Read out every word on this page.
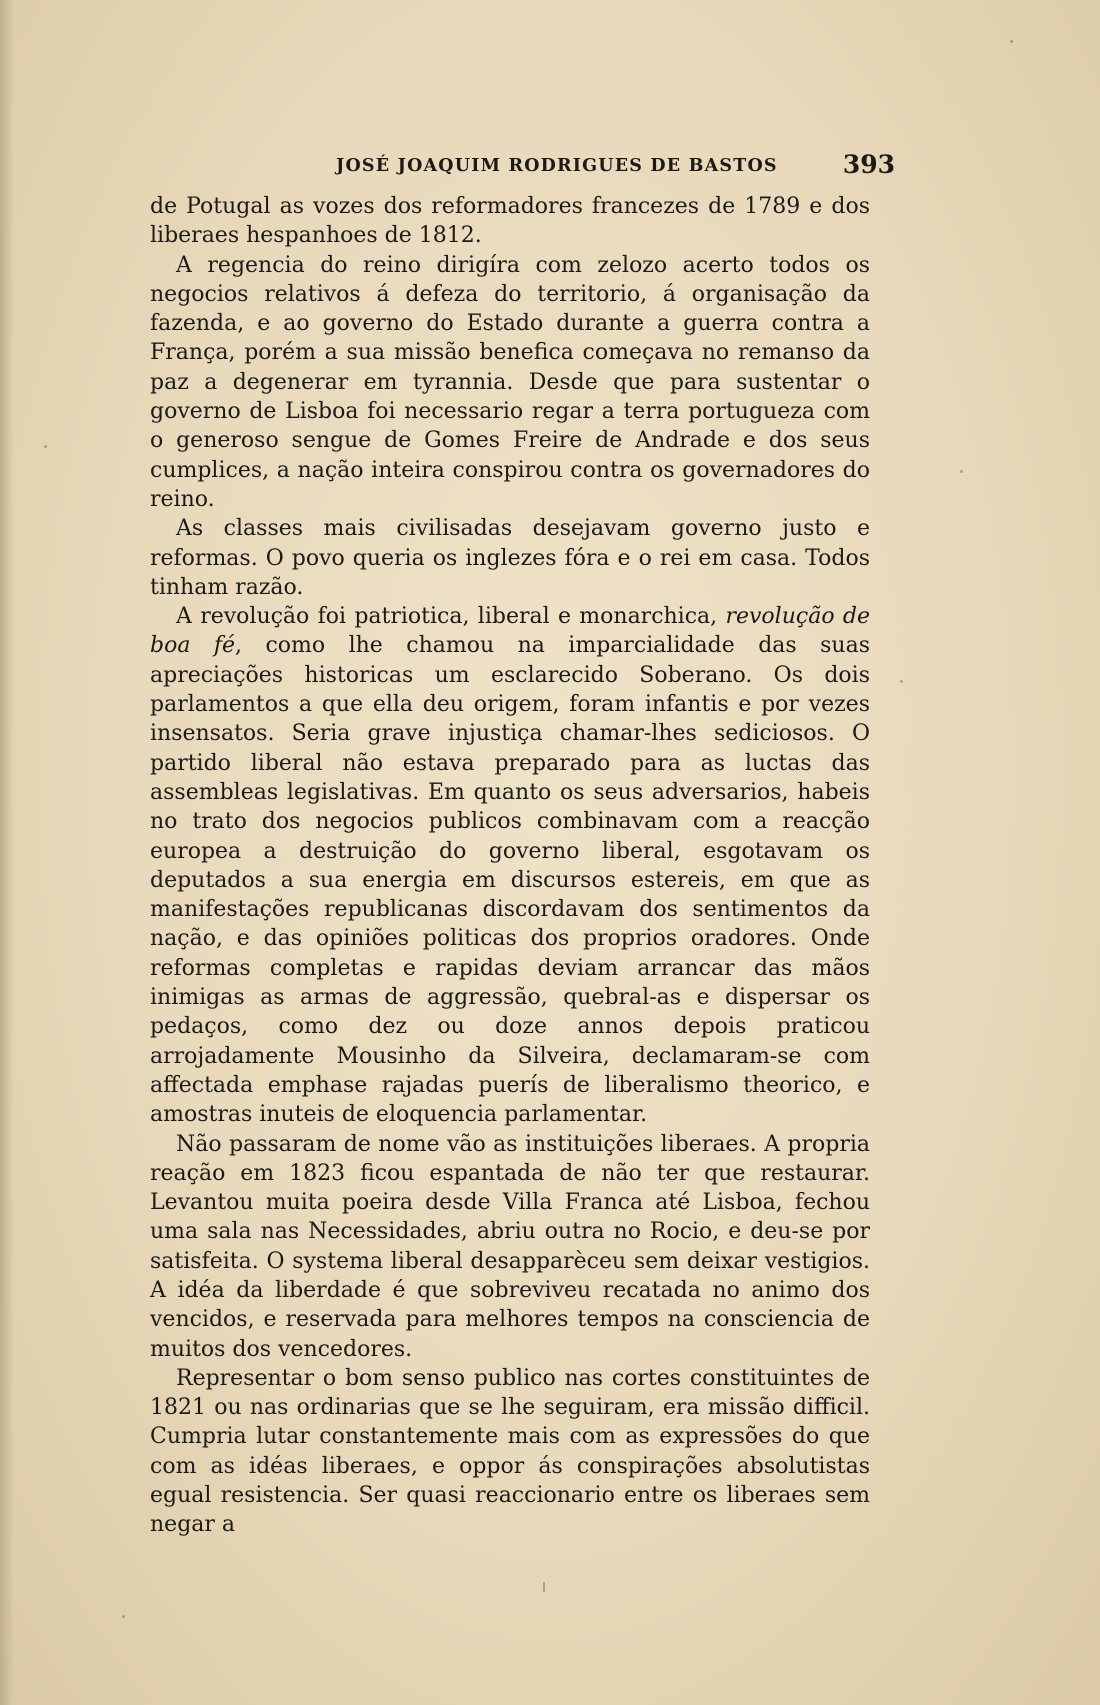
JOSÉ JOAQUIM RODRIGUES DE BASTOS	393

de Potugal as vozes dos reformadores francezes de 1789 e dos liberaes hespanhoes de 1812.

A regencia do reino dirigíra com zelozo acerto todos os negocios relativos á defeza do territorio, á organisação da fazenda, e ao governo do Estado durante a guerra contra a França, porém a sua missão benefica começava no remanso da paz a degenerar em tyrannia. Desde que para sustentar o governo de Lisboa foi necessario regar a terra portugueza com o generoso sengue de Gomes Freire de Andrade e dos seus cumplices, a nação inteira conspirou contra os governadores do reino.

As classes mais civilisadas desejavam governo justo e reformas. O povo queria os inglezes fóra e o rei em casa. Todos tinham razão.

A revolução foi patriotica, liberal e monarchica, revolução de boa fé, como lhe chamou na imparcialidade das suas apreciações historicas um esclarecido Soberano. Os dois parlamentos a que ella deu origem, foram infantis e por vezes insensatos. Seria grave injustiça chamar-lhes sediciosos. O partido liberal não estava preparado para as luctas das assembleas legislativas. Em quanto os seus adversarios, habeis no trato dos negocios publicos combinavam com a reacção europea a destruição do governo liberal, esgotavam os deputados a sua energia em discursos estereis, em que as manifestações republicanas discordavam dos sentimentos da nação, e das opiniões politicas dos proprios oradores. Onde reformas completas e rapidas deviam arrancar das mãos inimigas as armas de aggressão, quebral-as e dispersar os pedaços, como dez ou doze annos depois praticou arrojadamente Mousinho da Silveira, declamaram-se com affectada emphase rajadas puerís de liberalismo theorico, e amostras inuteis de eloquencia parlamentar.

Não passaram de nome vão as instituições liberaes. A propria reação em 1823 ficou espantada de não ter que restaurar. Levantou muita poeira desde Villa Franca até Lisboa, fechou uma sala nas Necessidades, abriu outra no Rocio, e deu-se por satisfeita. O systema liberal desapparèceu sem deixar vestigios. A idéa da liberdade é que sobreviveu recatada no animo dos vencidos, e reservada para melhores tempos na consciencia de muitos dos vencedores.

Representar o bom senso publico nas cortes constituintes de 1821 ou nas ordinarias que se lhe seguiram, era missão difficil. Cumpria lutar constantemente mais com as expressões do que com as idéas liberaes, e oppor ás conspirações absolutistas egual resistencia. Ser quasi reaccionario entre os liberaes sem negar a
